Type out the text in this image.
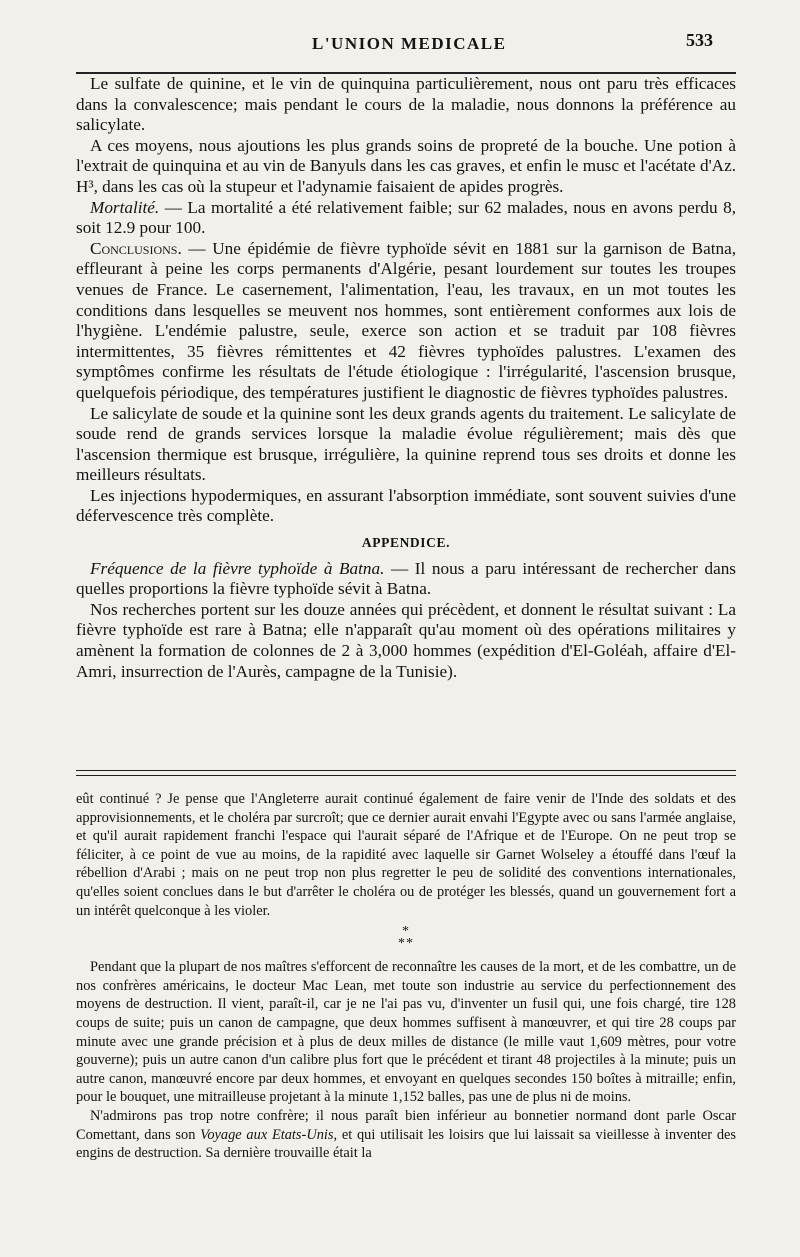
L'UNION MEDICALE	533

Le sulfate de quinine, et le vin de quinquina particulièrement, nous ont paru très efficaces dans la convalescence; mais pendant le cours de la maladie, nous donnons la préférence au salicylate.

A ces moyens, nous ajoutions les plus grands soins de propreté de la bouche. Une potion à l'extrait de quinquina et au vin de Banyuls dans les cas graves, et enfin le musc et l'acétate d'Az. H³, dans les cas où la stupeur et l'adynamie faisaient de apides progrès.

Mortalité. — La mortalité a été relativement faible; sur 62 malades, nous en avons perdu 8, soit 12.9 pour 100.

Conclusions. — Une épidémie de fièvre typhoïde sévit en 1881 sur la garnison de Batna, effleurant à peine les corps permanents d'Algérie, pesant lourdement sur toutes les troupes venues de France. Le casernement, l'alimentation, l'eau, les travaux, en un mot toutes les conditions dans lesquelles se meuvent nos hommes, sont entièrement conformes aux lois de l'hygiène. L'endémie palustre, seule, exerce son action et se traduit par 108 fièvres intermittentes, 35 fièvres rémittentes et 42 fièvres typhoïdes palustres. L'examen des symptômes confirme les résultats de l'étude étiologique : l'irrégularité, l'ascension brusque, quelquefois périodique, des températures justifient le diagnostic de fièvres typhoïdes palustres.

Le salicylate de soude et la quinine sont les deux grands agents du traitement. Le salicylate de soude rend de grands services lorsque la maladie évolue régulièrement; mais dès que l'ascension thermique est brusque, irrégulière, la quinine reprend tous ses droits et donne les meilleurs résultats.

Les injections hypodermiques, en assurant l'absorption immédiate, sont souvent suivies d'une défervescence très complète.

APPENDICE.

Fréquence de la fièvre typhoïde à Batna. — Il nous a paru intéressant de rechercher dans quelles proportions la fièvre typhoïde sévit à Batna.

Nos recherches portent sur les douze années qui précèdent, et donnent le résultat suivant : La fièvre typhoïde est rare à Batna; elle n'apparaît qu'au moment où des opérations militaires y amènent la formation de colonnes de 2 à 3,000 hommes (expédition d'El-Goléah, affaire d'El-Amri, insurrection de l'Aurès, campagne de la Tunisie).

eût continué ? Je pense que l'Angleterre aurait continué également de faire venir de l'Inde des soldats et des approvisionnements, et le choléra par surcroît; que ce dernier aurait envahi l'Egypte avec ou sans l'armée anglaise, et qu'il aurait rapidement franchi l'espace qui l'aurait séparé de l'Afrique et de l'Europe. On ne peut trop se féliciter, à ce point de vue au moins, de la rapidité avec laquelle sir Garnet Wolseley a étouffé dans l'œuf la rébellion d'Arabi ; mais on ne peut trop non plus regretter le peu de solidité des conventions internationales, qu'elles soient conclues dans le but d'arrêter le choléra ou de protéger les blessés, quand un gouvernement fort a un intérêt quelconque à les violer.

*
**

Pendant que la plupart de nos maîtres s'efforcent de reconnaître les causes de la mort, et de les combattre, un de nos confrères américains, le docteur Mac Lean, met toute son industrie au service du perfectionnement des moyens de destruction. Il vient, paraît-il, car je ne l'ai pas vu, d'inventer un fusil qui, une fois chargé, tire 128 coups de suite; puis un canon de campagne, que deux hommes suffisent à manœuvrer, et qui tire 28 coups par minute avec une grande précision et à plus de deux milles de distance (le mille vaut 1,609 mètres, pour votre gouverne); puis un autre canon d'un calibre plus fort que le précédent et tirant 48 projectiles à la minute; puis un autre canon, manœuvré encore par deux hommes, et envoyant en quelques secondes 150 boîtes à mitraille; enfin, pour le bouquet, une mitrailleuse projetant à la minute 1,152 balles, pas une de plus ni de moins.

N'admirons pas trop notre confrère; il nous paraît bien inférieur au bonnetier normand dont parle Oscar Comettant, dans son Voyage aux Etats-Unis, et qui utilisait les loisirs que lui laissait sa vieillesse à inventer des engins de destruction. Sa dernière trouvaille était la
